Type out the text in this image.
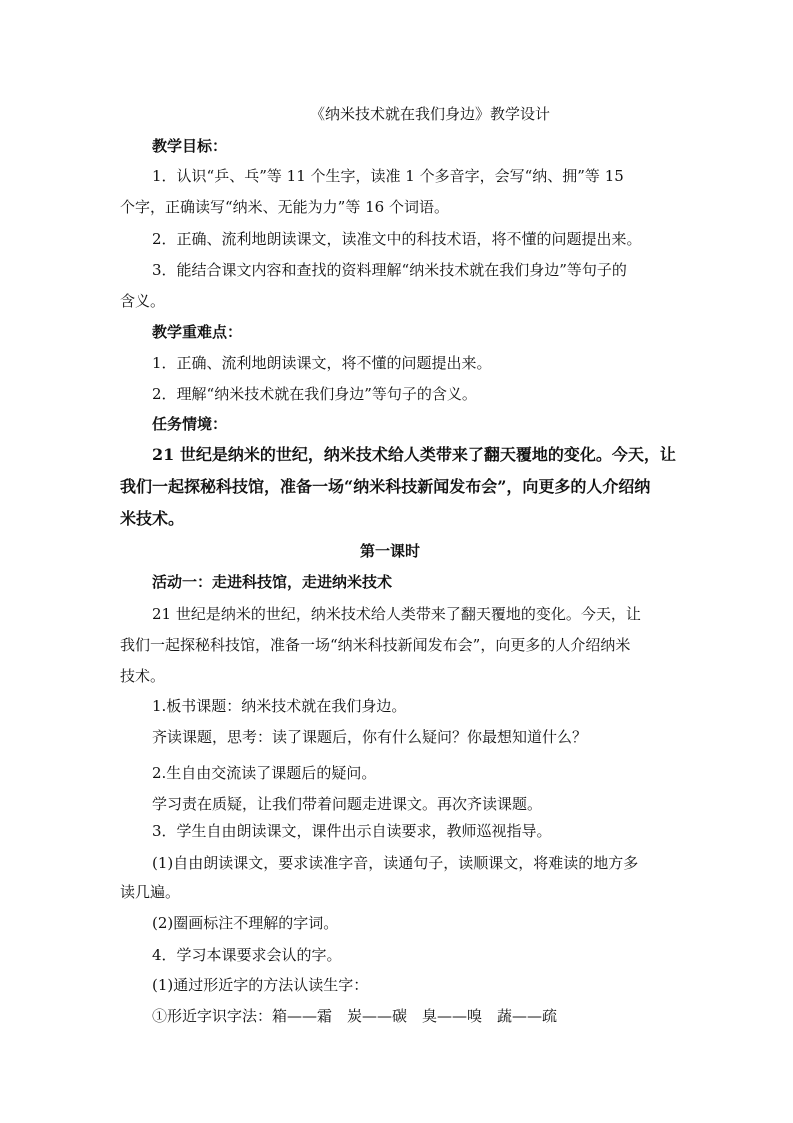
《纳米技术就在我们身边》教学设计
教学目标：
1．认识“乒、乓”等 11 个生字，读准 1 个多音字，会写“纳、拥”等 15
个字，正确读写“纳米、无能为力”等 16 个词语。
2．正确、流利地朗读课文，读准文中的科技术语，将不懂的问题提出来。
3．能结合课文内容和查找的资料理解“纳米技术就在我们身边”等句子的
含义。
教学重难点：
1．正确、流利地朗读课文，将不懂的问题提出来。
2．理解“纳米技术就在我们身边”等句子的含义。
任务情境：
21 世纪是纳米的世纪，纳米技术给人类带来了翻天覆地的变化。今天，让
我们一起探秘科技馆，准备一场“纳米科技新闻发布会”，向更多的人介绍纳
米技术。
第一课时
活动一：走进科技馆，走进纳米技术
21 世纪是纳米的世纪，纳米技术给人类带来了翻天覆地的变化。今天，让
我们一起探秘科技馆，准备一场“纳米科技新闻发布会”，向更多的人介绍纳米
技术。
1.板书课题：纳米技术就在我们身边。
齐读课题，思考：读了课题后，你有什么疑问？你最想知道什么？
2.生自由交流读了课题后的疑问。
学习责在质疑，让我们带着问题走进课文。再次齐读课题。
3．学生自由朗读课文，课件出示自读要求，教师巡视指导。
(1)自由朗读课文，要求读准字音，读通句子，读顺课文，将难读的地方多
读几遍。
(2)圈画标注不理解的字词。
4．学习本课要求会认的字。
(1)通过形近字的方法认读生字：
①形近字识字法：箱——霜　炭——碳　臭——嗅　蔬——疏
